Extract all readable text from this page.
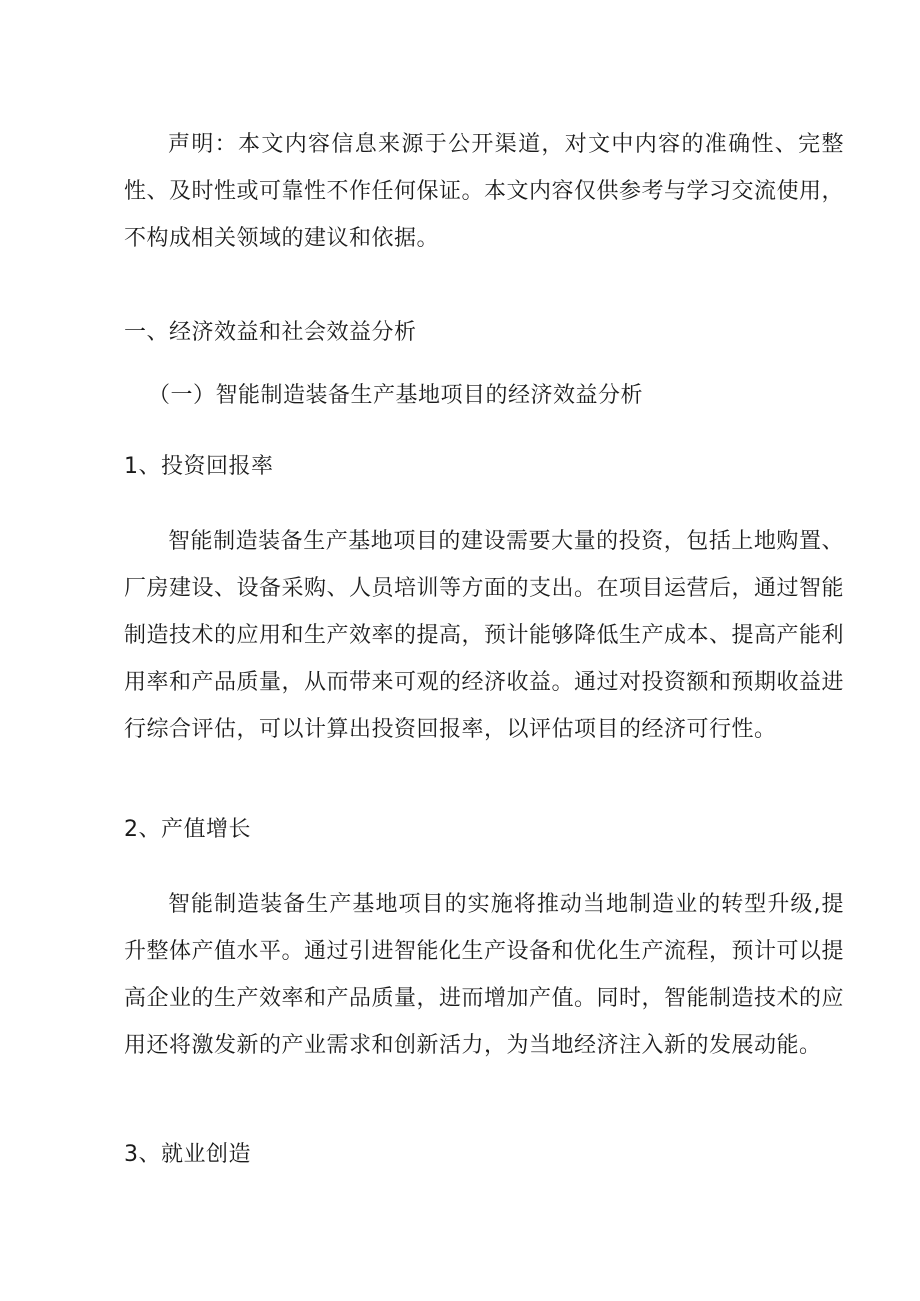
声明：本文内容信息来源于公开渠道，对文中内容的准确性、完整性、及时性或可靠性不作任何保证。本文内容仅供参考与学习交流使用，不构成相关领域的建议和依据。

一、经济效益和社会效益分析
（一）智能制造装备生产基地项目的经济效益分析
1、投资回报率

智能制造装备生产基地项目的建设需要大量的投资，包括上地购置、厂房建设、设备采购、人员培训等方面的支出。在项目运营后，通过智能制造技术的应用和生产效率的提高，预计能够降低生产成本、提高产能利用率和产品质量，从而带来可观的经济收益。通过对投资额和预期收益进行综合评估，可以计算出投资回报率，以评估项目的经济可行性。

2、产值增长

智能制造装备生产基地项目的实施将推动当地制造业的转型升级,提升整体产值水平。通过引进智能化生产设备和优化生产流程，预计可以提高企业的生产效率和产品质量，进而增加产值。同时，智能制造技术的应用还将激发新的产业需求和创新活力，为当地经济注入新的发展动能。

3、就业创造
